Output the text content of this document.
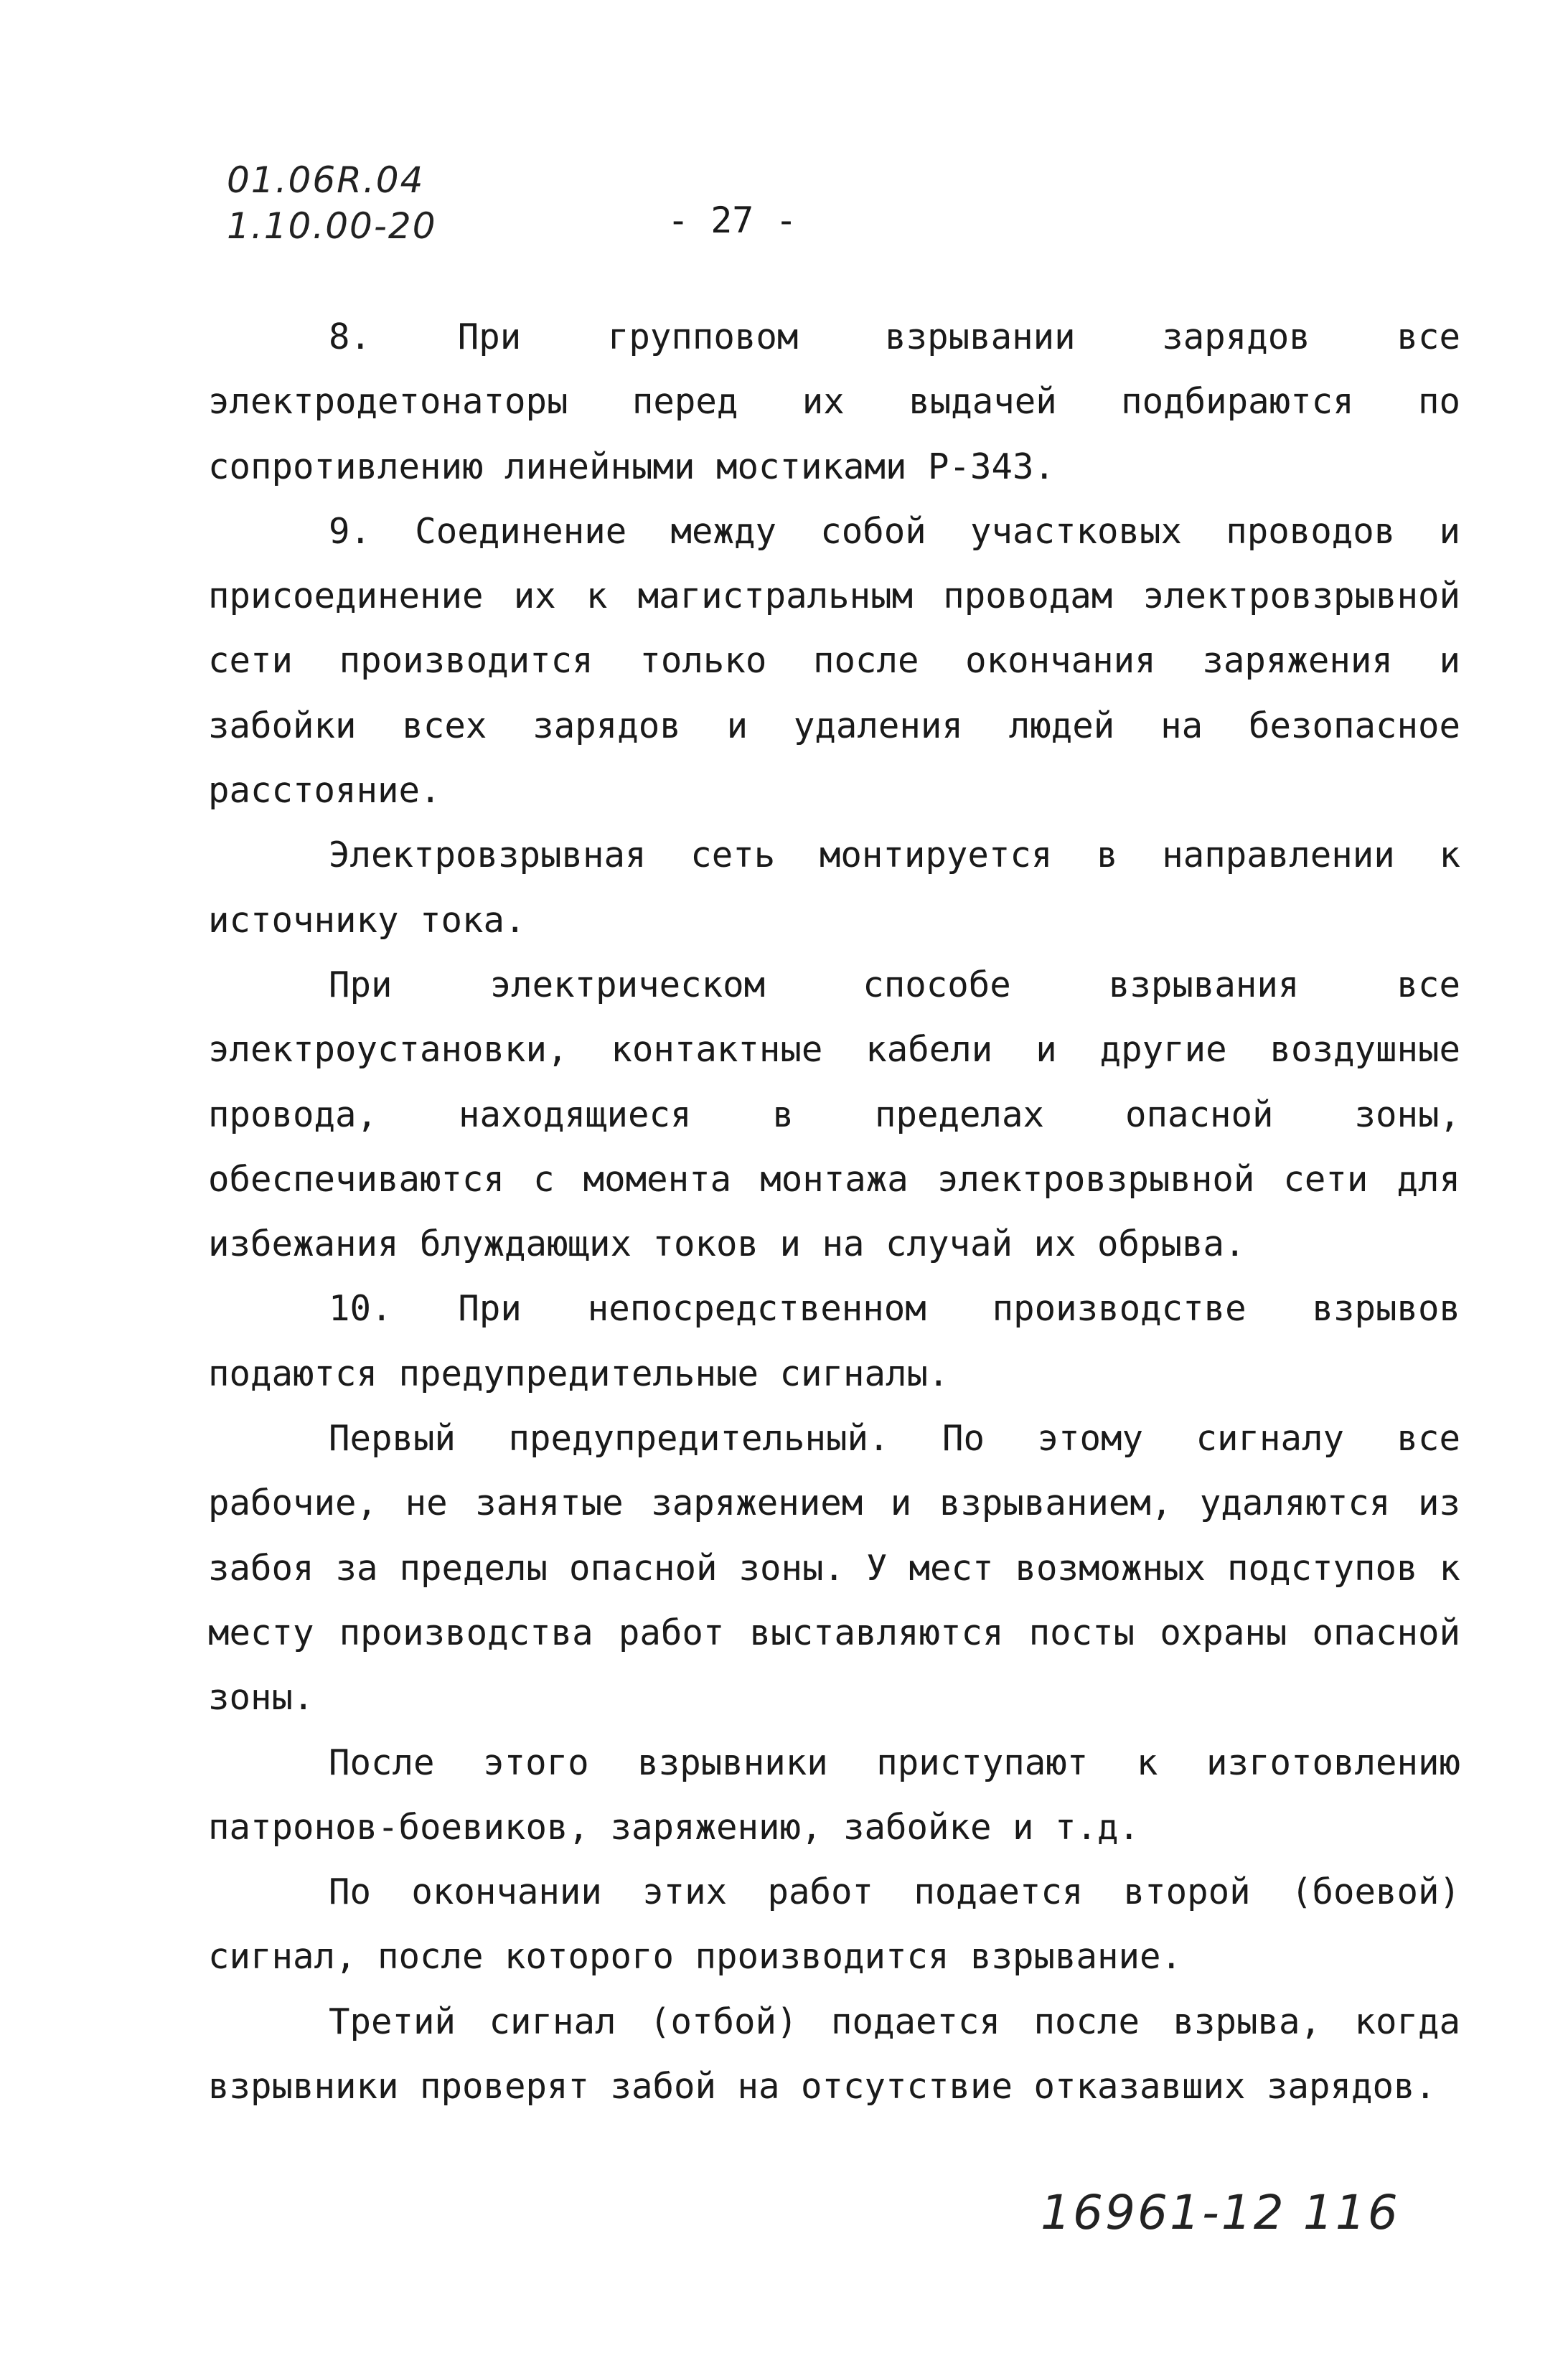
01.06R.04
1.10.00-20	- 27 -

8. При групповом взрывании зарядов все электродетонаторы перед их выдачей подбираются по сопротивлению линейными мостиками Р-343.

9. Соединение между собой участковых проводов и присоединение их к магистральным проводам электровзрывной сети производится только после окончания заряжения и забойки всех зарядов и удаления людей на безопасное расстояние.

Электровзрывная сеть монтируется в направлении к источнику тока.

При электрическом способе взрывания все электроустановки, контактные кабели и другие воздушные провода, находящиеся в пределах опасной зоны, обеспечиваются с момента монтажа электровзрывной сети для избежания блуждающих токов и на случай их обрыва.

10. При непосредственном производстве взрывов подаются предупредительные сигналы.

Первый предупредительный. По этому сигналу все рабочие, не занятые заряжением и взрыванием, удаляются из забоя за пределы опасной зоны. У мест возможных подступов к месту производства работ выставляются посты охраны опасной зоны.

После этого взрывники приступают к изготовлению патронов-боевиков, заряжению, забойке и т.д.

По окончании этих работ подается второй (боевой) сигнал, после которого производится взрывание.

Третий сигнал (отбой) подается после взрыва, когда взрывники проверят забой на отсутствие отказавших зарядов.

16961-12 116
